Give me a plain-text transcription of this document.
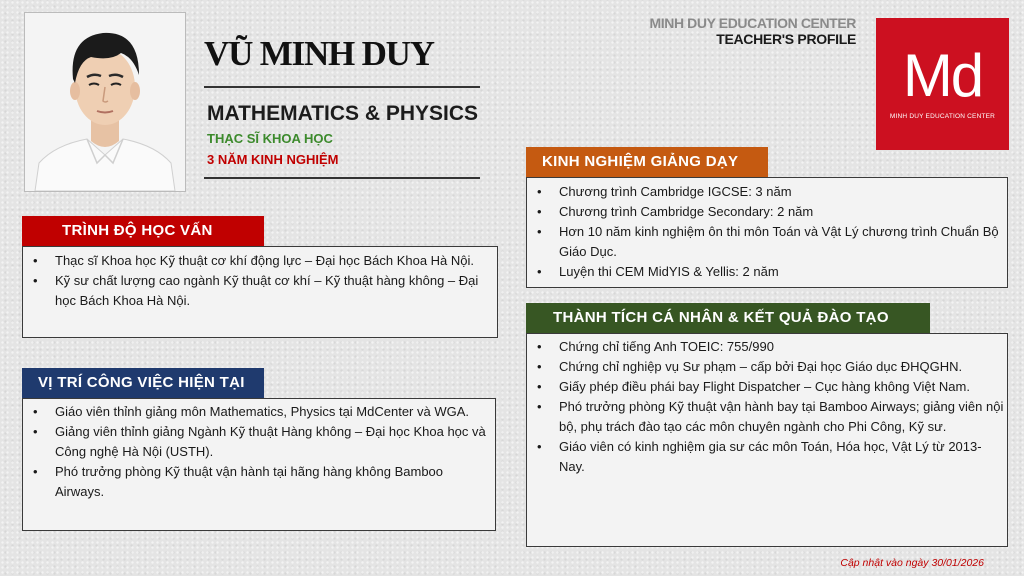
VŨ MINH DUY
MATHEMATICS & PHYSICS
THẠC SĨ KHOA HỌC
3 NĂM KINH NGHIỆM
MINH DUY EDUCATION CENTER
TEACHER'S PROFILE
Md
MINH DUY EDUCATION CENTER
TRÌNH ĐỘ HỌC VẤN
• Thạc sĩ Khoa học Kỹ thuật cơ khí động lực – Đại học Bách Khoa Hà Nội.
• Kỹ sư chất lượng cao ngành Kỹ thuật cơ khí – Kỹ thuật hàng không – Đại học Bách Khoa Hà Nội.
VỊ TRÍ CÔNG VIỆC HIỆN TẠI
• Giáo viên thỉnh giảng môn Mathematics, Physics tại MdCenter và WGA.
• Giảng viên thỉnh giảng Ngành Kỹ thuật Hàng không – Đại học Khoa học và Công nghệ Hà Nội (USTH).
• Phó trưởng phòng Kỹ thuật vận hành tại hãng hàng không Bamboo Airways.
KINH NGHIỆM GIẢNG DẠY
• Chương trình Cambridge IGCSE: 3 năm
• Chương trình Cambridge Secondary: 2 năm
• Hơn 10 năm kinh nghiệm ôn thi môn Toán và Vật Lý chương trình Chuẩn Bộ Giáo Dục.
• Luyện thi CEM MidYIS & Yellis: 2 năm
THÀNH TÍCH CÁ NHÂN & KẾT QUẢ ĐÀO TẠO
• Chứng chỉ tiếng Anh TOEIC: 755/990
• Chứng chỉ nghiệp vụ Sư phạm – cấp bởi Đại học Giáo dục ĐHQGHN.
• Giấy phép điều phái bay Flight Dispatcher – Cục hàng không Việt Nam.
• Phó trưởng phòng Kỹ thuật vận hành bay tại Bamboo Airways; giảng viên nội bộ, phụ trách đào tạo các môn chuyên ngành cho Phi Công, Kỹ sư.
• Giáo viên có kinh nghiệm gia sư các môn Toán, Hóa học, Vật Lý từ 2013-Nay.
Cập nhật vào ngày 30/01/2026
